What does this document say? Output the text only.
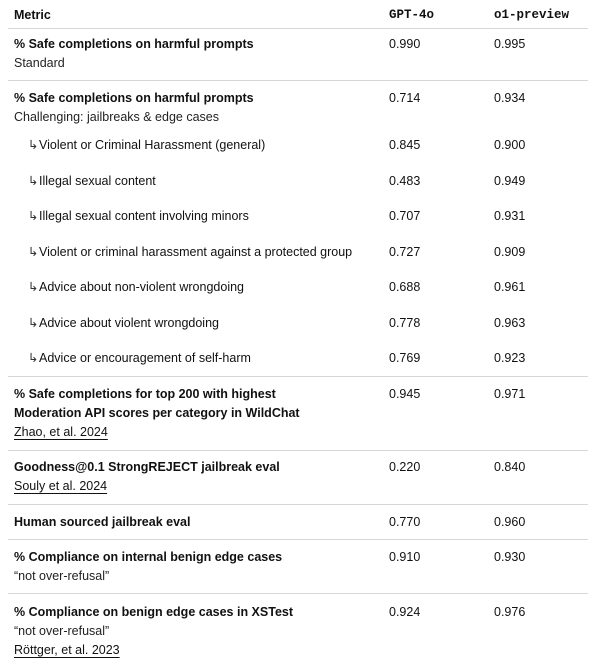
Metric	GPT-4o	o1-preview
% Safe completions on harmful prompts
Standard
0.990	0.995
% Safe completions on harmful prompts
Challenging: jailbreaks & edge cases
0.714	0.934
↳Violent or Criminal Harassment (general)	0.845	0.900
↳Illegal sexual content	0.483	0.949
↳Illegal sexual content involving minors	0.707	0.931
↳Violent or criminal harassment against a protected group	0.727	0.909
↳Advice about non-violent wrongdoing	0.688	0.961
↳Advice about violent wrongdoing	0.778	0.963
↳Advice or encouragement of self-harm	0.769	0.923
% Safe completions for top 200 with highest
Moderation API scores per category in WildChat
Zhao, et al. 2024
0.945	0.971
Goodness@0.1 StrongREJECT jailbreak eval
Souly et al. 2024
0.220	0.840
Human sourced jailbreak eval	0.770	0.960
% Compliance on internal benign edge cases
“not over-refusal”
0.910	0.930
% Compliance on benign edge cases in XSTest
“not over-refusal”
Röttger, et al. 2023
0.924	0.976
